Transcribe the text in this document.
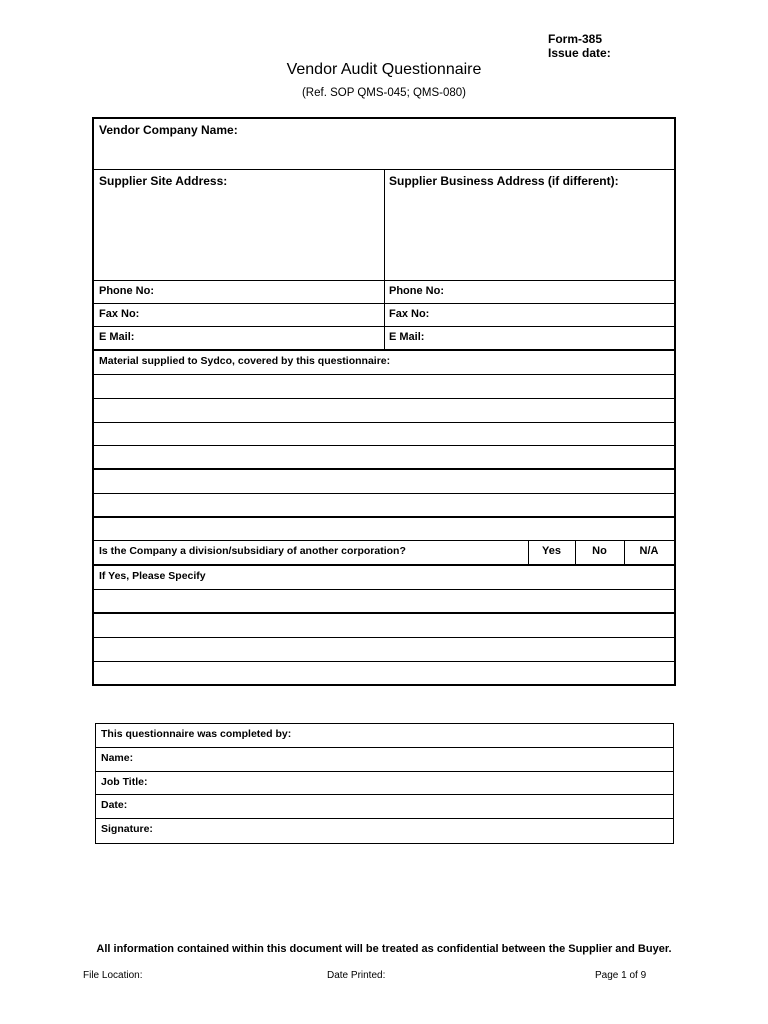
Form-385
Issue date:
Vendor Audit Questionnaire
(Ref. SOP QMS-045; QMS-080)
Vendor Company Name:
Supplier Site Address:	Supplier Business Address (if different):
Phone No:	Phone No:
Fax No:	Fax No:
E Mail:	E Mail:
Material supplied to Sydco, covered by this questionnaire:
Is the Company a division/subsidiary of another corporation?	Yes	No	N/A
If Yes, Please Specify
This questionnaire was completed by:
Name:
Job Title:
Date:
Signature:
All information contained within this document will be treated as confidential between the Supplier and Buyer.
File Location:	Date Printed:	Page 1 of 9
